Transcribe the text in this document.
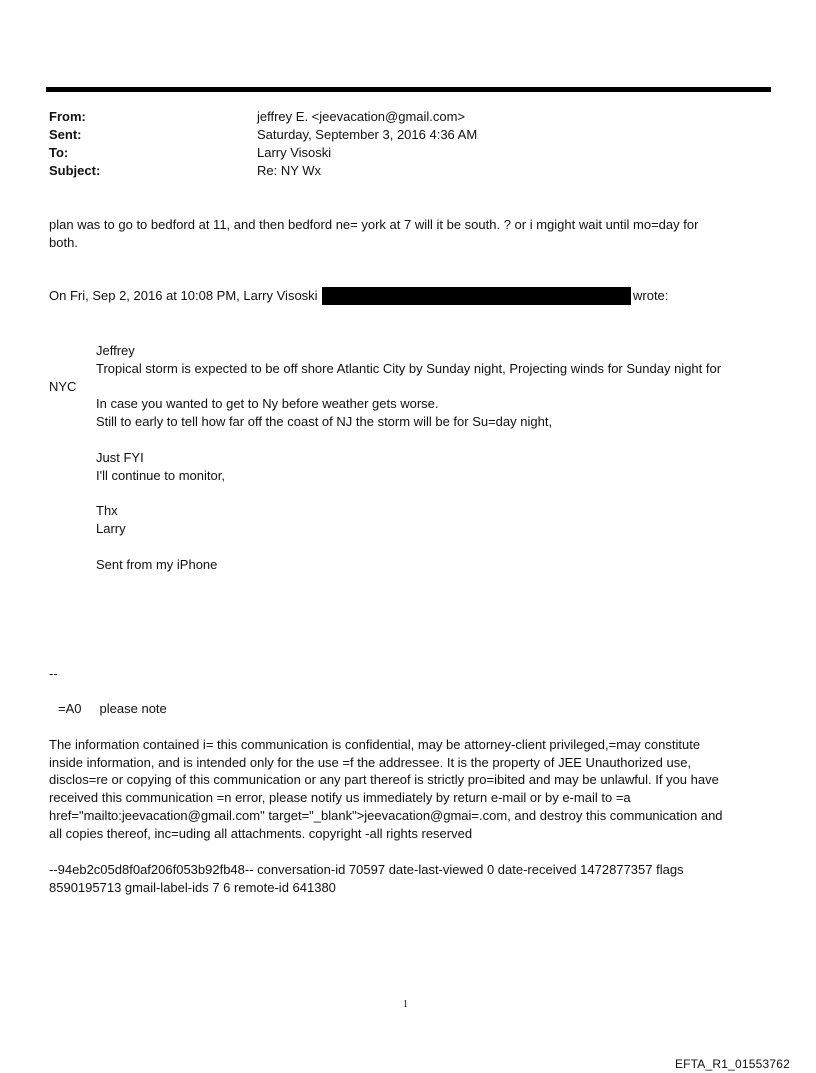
From:	jeffrey E. <jeevacation@gmail.com>
Sent:	Saturday, September 3, 2016 4:36 AM
To:	Larry Visoski
Subject:	Re: NY Wx
plan was to go to bedford at 11, and then bedford ne= york at 7 will it be south. ? or i mgight wait until mo=day for
both.
On Fri, Sep 2, 2016 at 10:08 PM, Larry Visoski	wrote:
Jeffrey
Tropical storm is expected to be off shore Atlantic City by Sunday night, Projecting winds for Sunday night for
NYC
In case you wanted to get to Ny before weather gets worse.
Still to early to tell how far off the coast of NJ the storm will be for Su=day night,
Just FYI
I'll continue to monitor,
Thx
Larry
Sent from my iPhone
--
=A0     please note
The information contained i= this communication is confidential, may be attorney-client privileged,=may constitute
inside information, and is intended only for the use =f the addressee. It is the property of JEE Unauthorized use,
disclos=re or copying of this communication or any part thereof is strictly pro=ibited and may be unlawful. If you have
received this communication =n error, please notify us immediately by return e-mail or by e-mail to =a
href="mailto:jeevacation@gmail.com" target="_blank">jeevacation@gmai=.com, and destroy this communication and
all copies thereof, inc=uding all attachments. copyright -all rights reserved
--94eb2c05d8f0af206f053b92fb48-- conversation-id 70597 date-last-viewed 0 date-received 1472877357 flags
8590195713 gmail-label-ids 7 6 remote-id 641380
1
EFTA_R1_01553762
